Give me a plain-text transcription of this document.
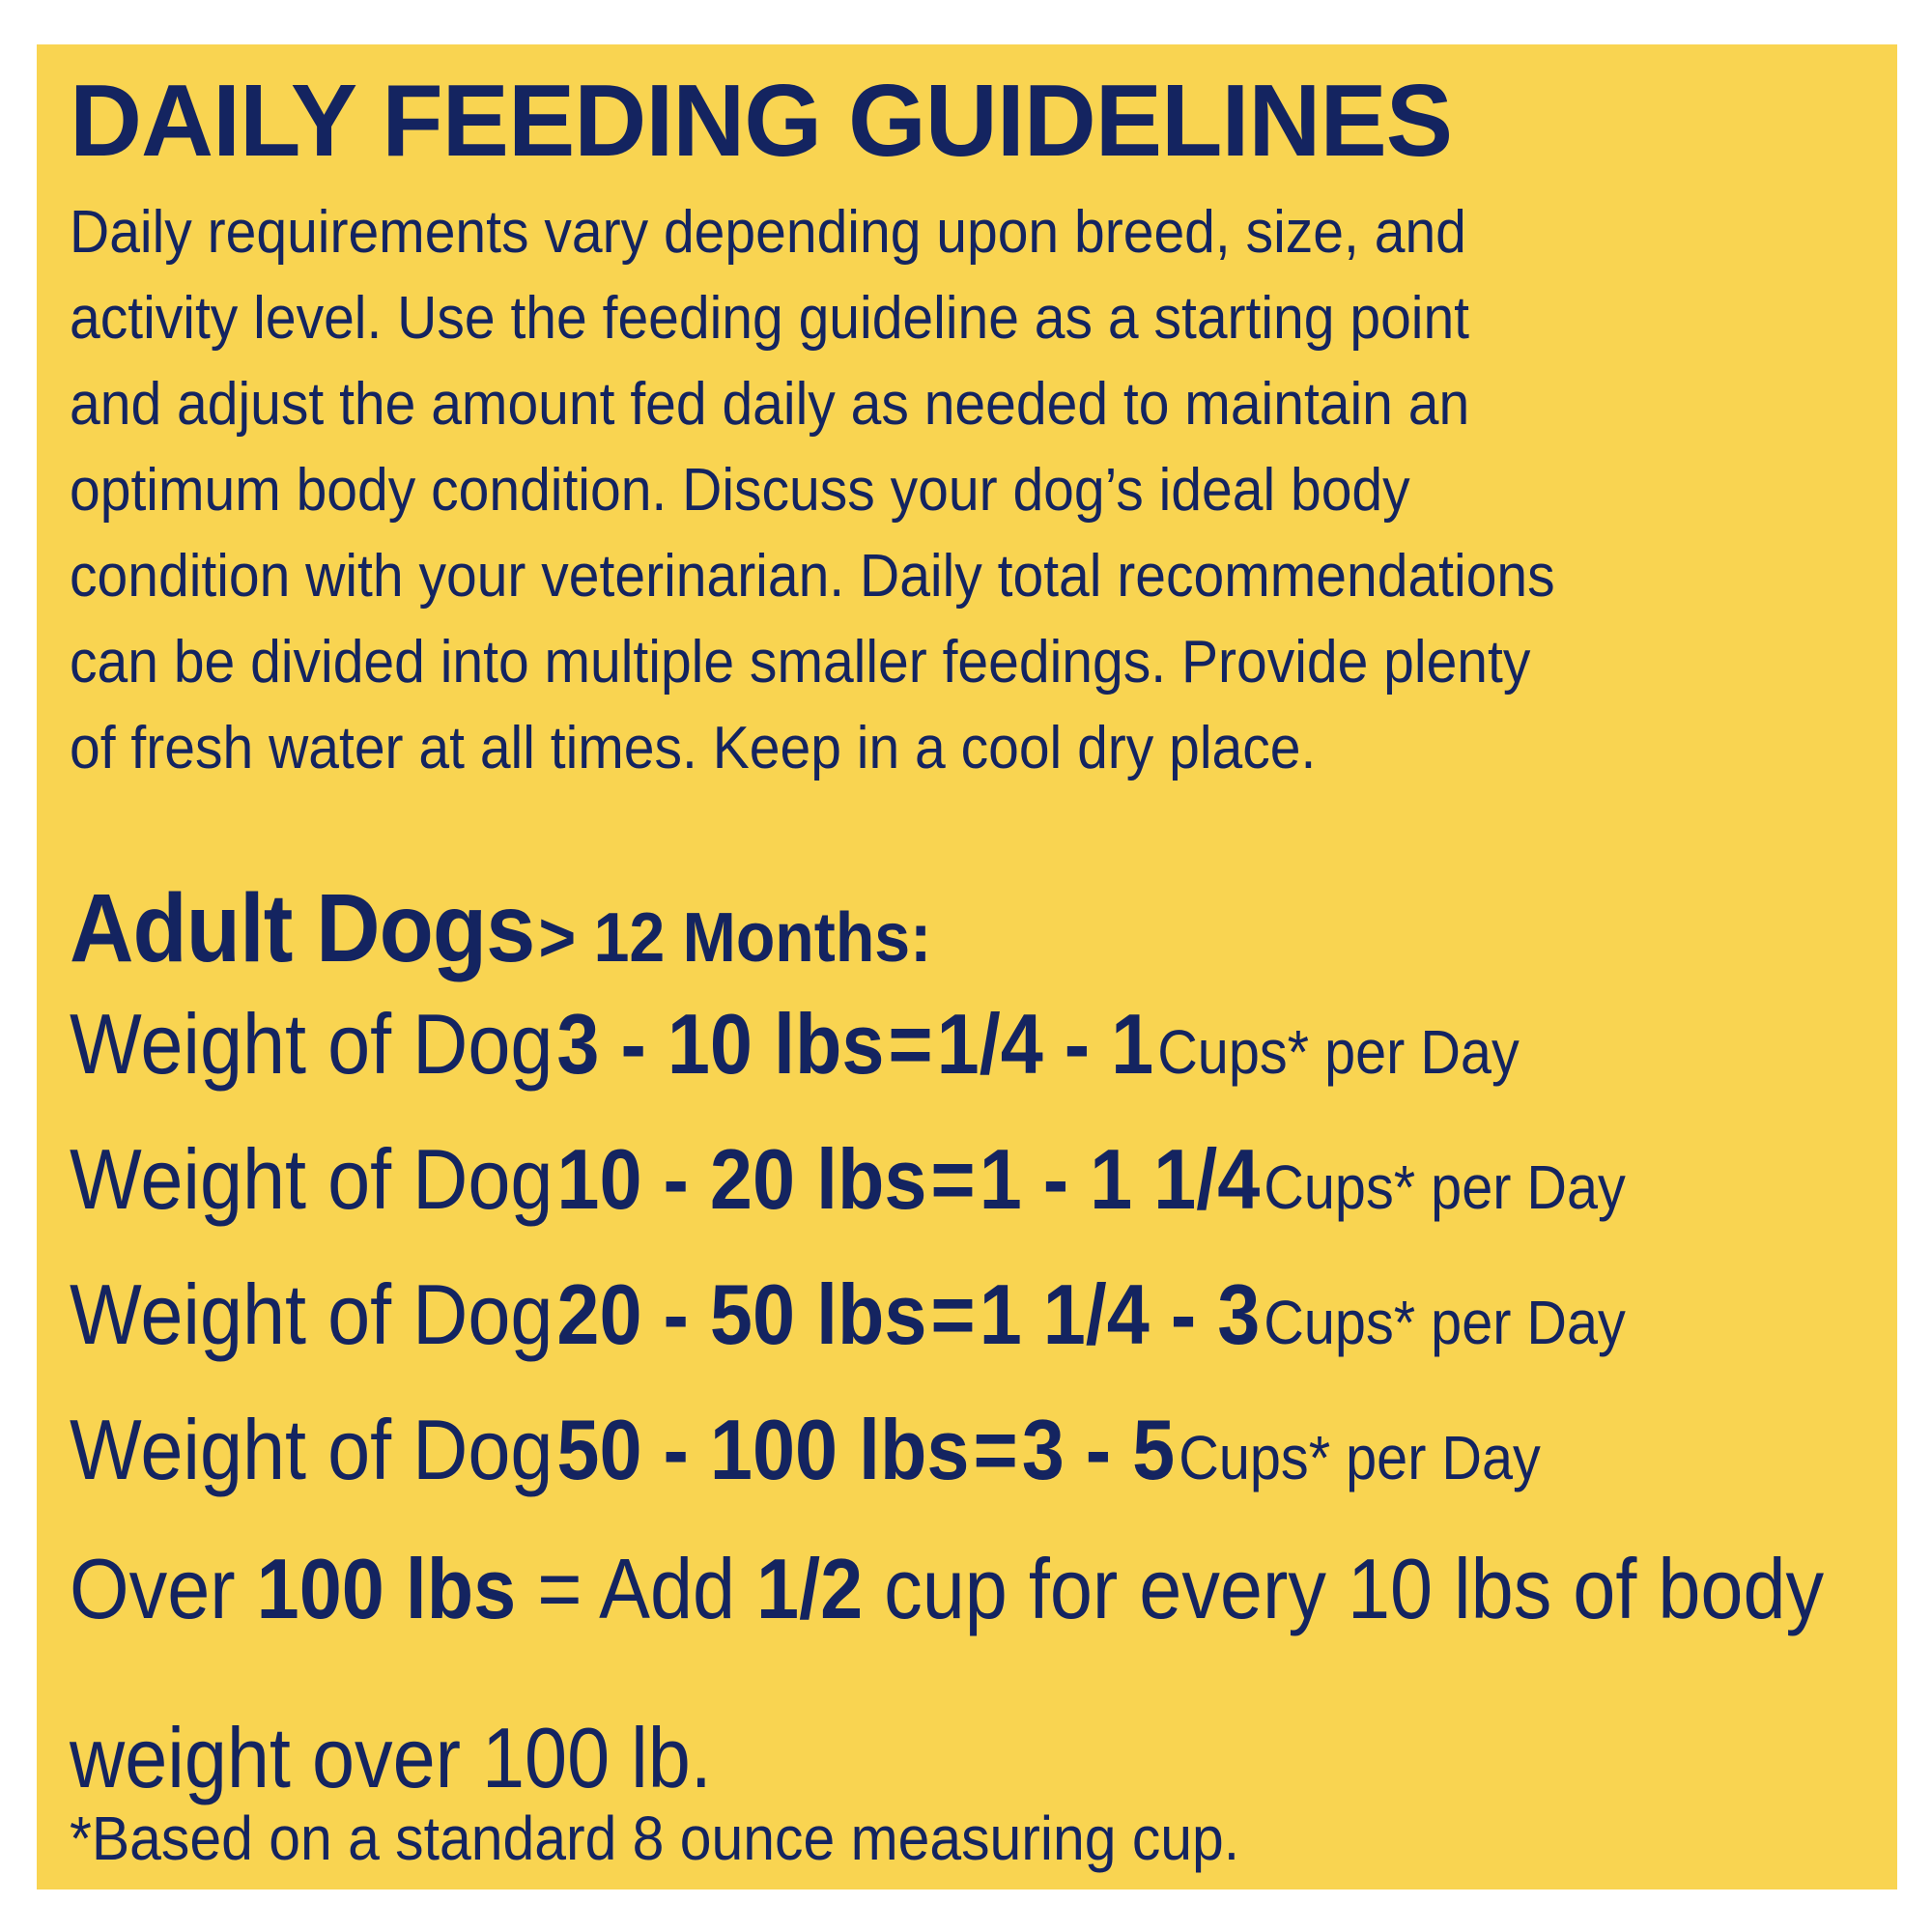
DAILY FEEDING GUIDELINES
Daily requirements vary depending upon breed, size, and
activity level. Use the feeding guideline as a starting point
and adjust the amount fed daily as needed to maintain an
optimum body condition. Discuss your dog’s ideal body
condition with your veterinarian. Daily total recommendations
can be divided into multiple smaller feedings. Provide plenty
of fresh water at all times. Keep in a cool dry place.
Adult Dogs > 12 Months:
Weight of Dog 3 - 10 lbs = 1/4 - 1 Cups* per Day
Weight of Dog 10 - 20 lbs = 1 - 1 1/4 Cups* per Day
Weight of Dog 20 - 50 lbs = 1 1/4 - 3 Cups* per Day
Weight of Dog 50 - 100 lbs = 3 - 5 Cups* per Day
Over 100 lbs = Add 1/2 cup for every 10 lbs of body
weight over 100 lb.
*Based on a standard 8 ounce measuring cup.
